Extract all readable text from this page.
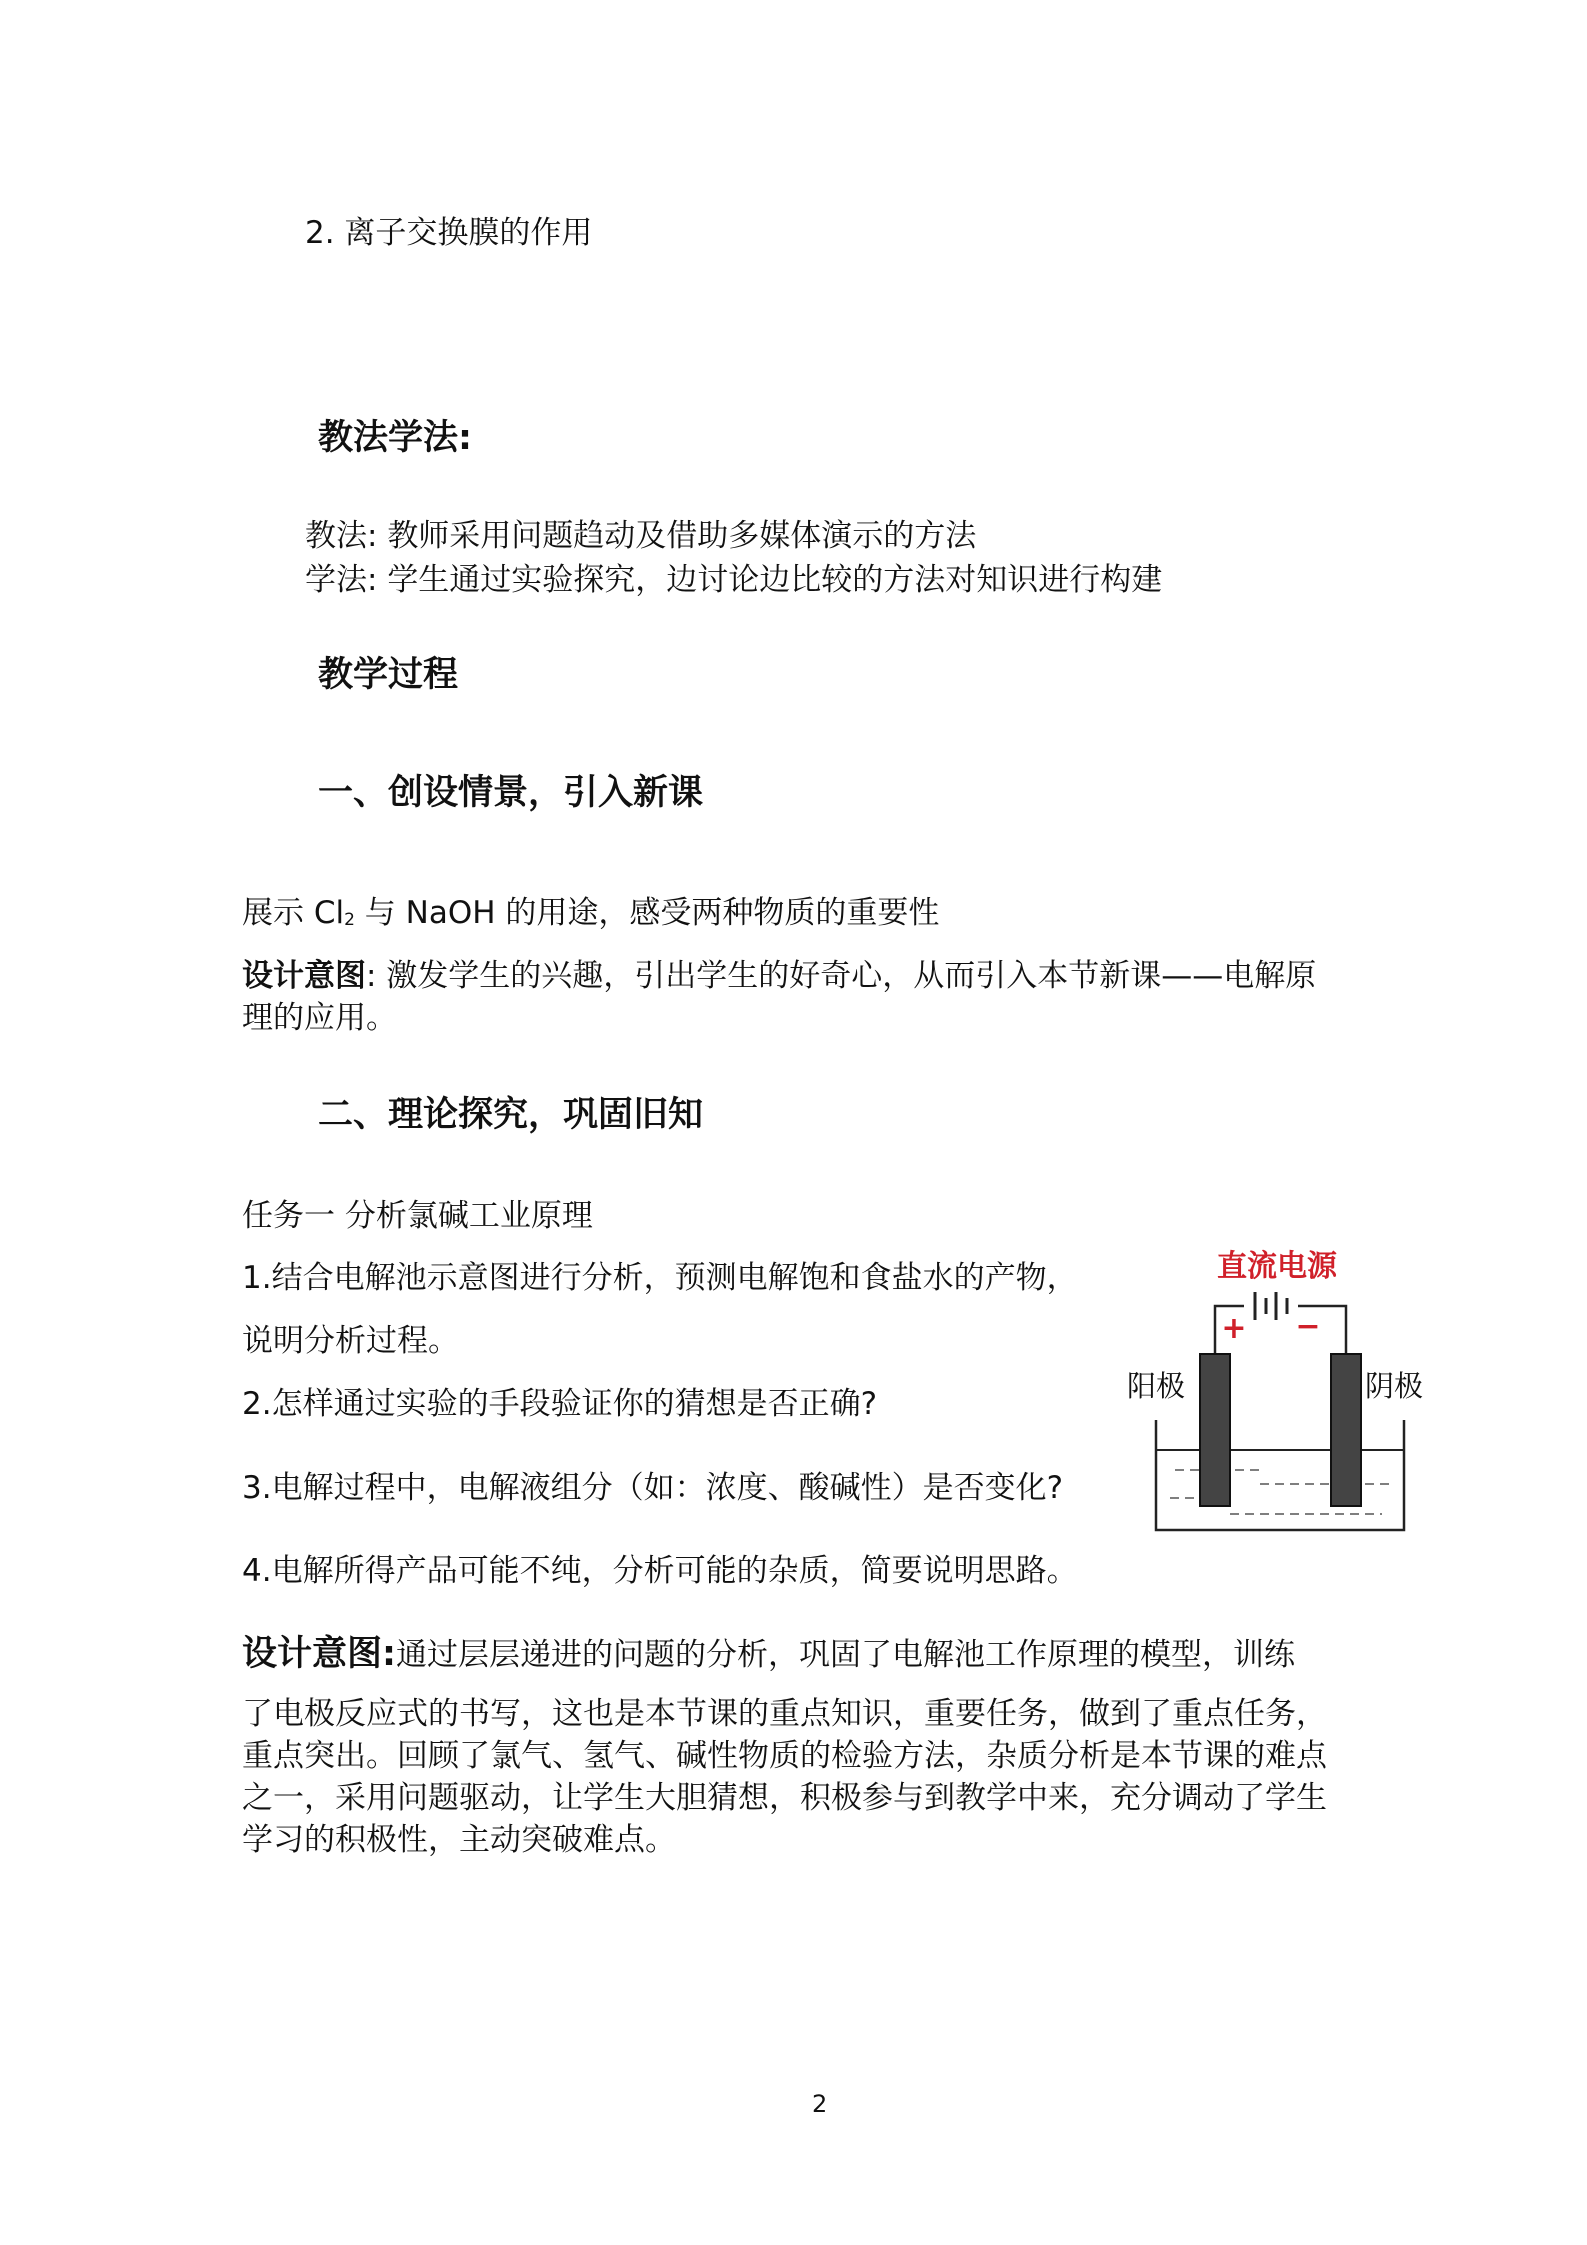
2. 离子交换膜的作用
教法学法:
教法: 教师采用问题趋动及借助多媒体演示的方法
学法: 学生通过实验探究，边讨论边比较的方法对知识进行构建
教学过程
一、创设情景，引入新课
展示 $Cl_2$ 与 NaOH 的用途，感受两种物质的重要性
设计意图: 激发学生的兴趣，引出学生的好奇心，从而引入本节新课——电解原
理的应用。
二、理论探究，巩固旧知
任务一 分析氯碱工业原理
1.结合电解池示意图进行分析，预测电解饱和食盐水的产物，
说明分析过程。
2.怎样通过实验的手段验证你的猜想是否正确?
3.电解过程中，电解液组分（如：浓度、酸碱性）是否变化?
4.电解所得产品可能不纯，分析可能的杂质，简要说明思路。
设计意图:通过层层递进的问题的分析，巩固了电解池工作原理的模型，训练
了电极反应式的书写，这也是本节课的重点知识，重要任务，做到了重点任务，
重点突出。回顾了氯气、氢气、碱性物质的检验方法，杂质分析是本节课的难点
之一，采用问题驱动，让学生大胆猜想，积极参与到教学中来，充分调动了学生
学习的积极性，主动突破难点。
直流电源
+ −
阳极	阴极
2
